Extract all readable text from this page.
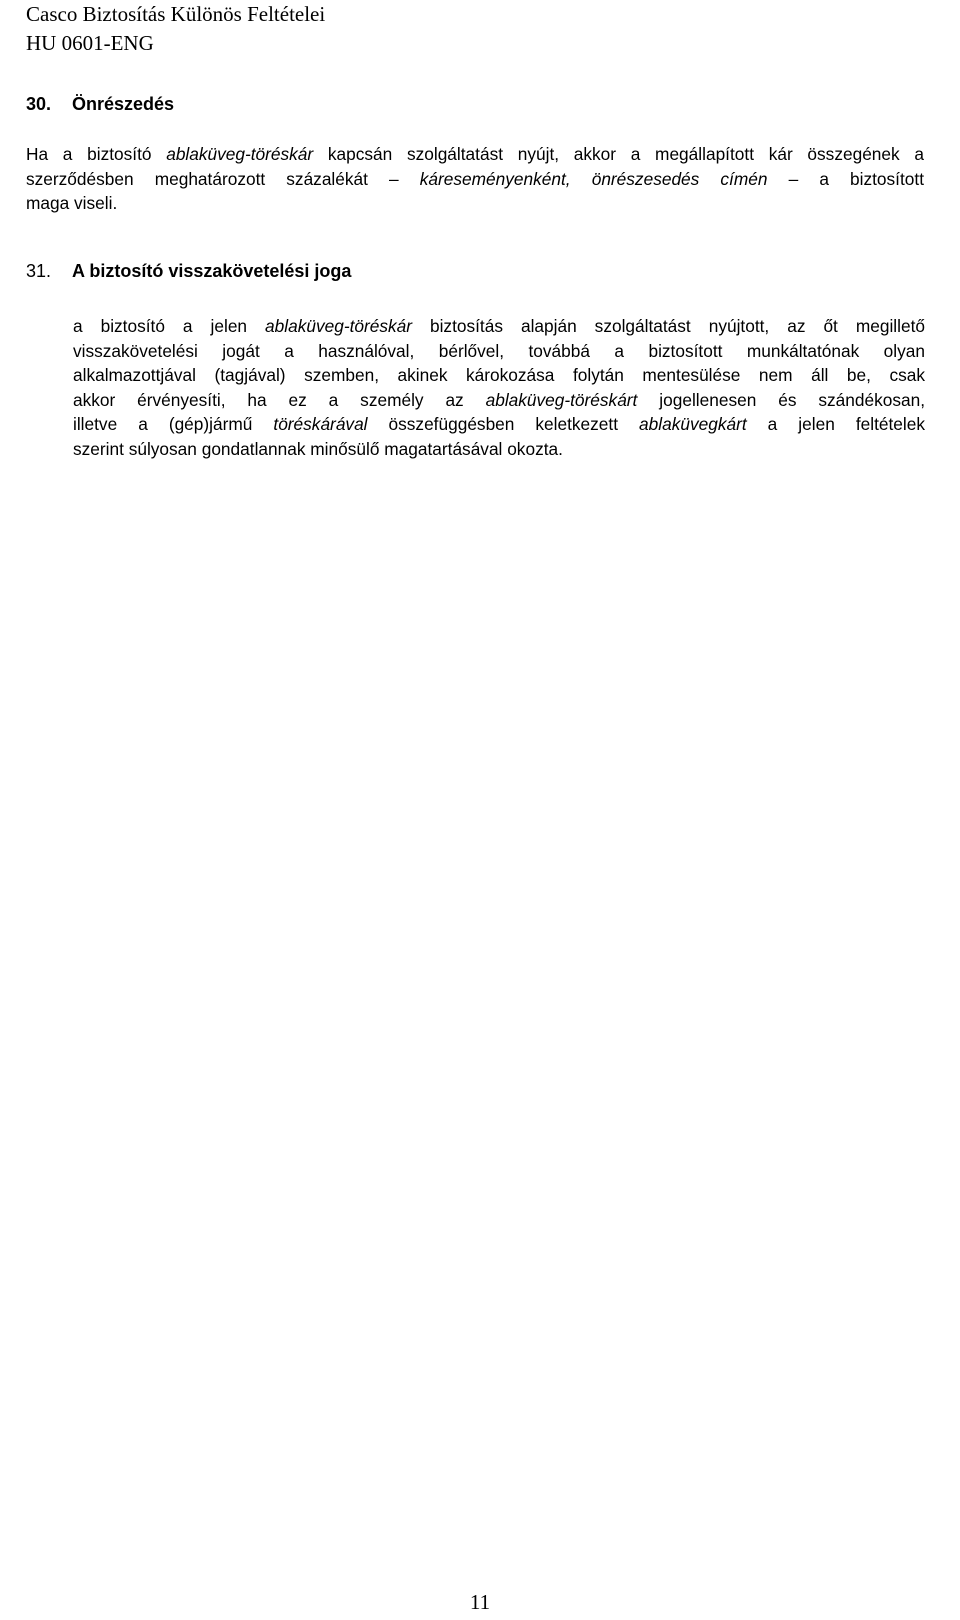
Casco Biztosítás Különös Feltételei
HU 0601-ENG
30. Önrészedés
Ha a biztosító ablaküveg-töréskár kapcsán szolgáltatást nyújt, akkor a megállapított kár összegének a
szerződésben meghatározott százalékát – káreseményenként, önrészesedés címén – a biztosított
maga viseli.
31. A biztosító visszakövetelési joga
a biztosító a jelen ablaküveg-töréskár biztosítás alapján szolgáltatást nyújtott, az őt megillető
visszakövetelési jogát a használóval, bérlővel, továbbá a biztosított munkáltatónak olyan
alkalmazottjával (tagjával) szemben, akinek károkozása folytán mentesülése nem áll be, csak
akkor érvényesíti, ha ez a személy az ablaküveg-töréskárt jogellenesen és szándékosan,
illetve a (gép)jármű töréskárával összefüggésben keletkezett ablaküvegkárt a jelen feltételek
szerint súlyosan gondatlannak minősülő magatartásával okozta.
11
